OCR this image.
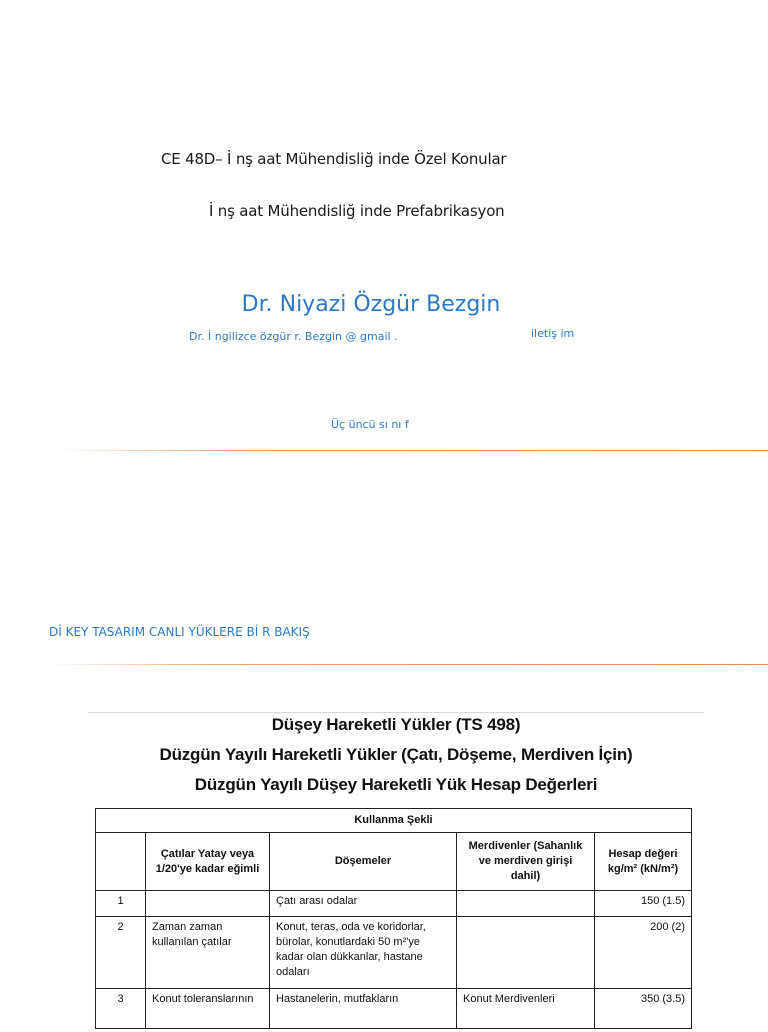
CE 48D– İ nş aat Mühendisliğ inde Özel Konular
İ nş aat Mühendisliğ inde Prefabrikasyon
Dr. Niyazi Özgür Bezgin
Dr. İ ngilizce özgür r. Bezgin @ gmail .	iletiş im
Üç üncü sı nı f
Dİ KEY TASARIM CANLI YÜKLERE Bİ R BAKIŞ
Düşey Hareketli Yükler (TS 498)
Düzgün Yayılı Hareketli Yükler (Çatı, Döşeme, Merdiven İçin)
Düzgün Yayılı Düşey Hareketli Yük Hesap Değerleri
Kullanma Şekli				
	Çatılar Yatay veya 1/20'ye kadar eğimli	Döşemeler	Merdivenler (Sahanlık ve merdiven girişi dahil)	Hesap değeri kg/m² (kN/m²)
1		Çatı arası odalar		150 (1.5)
2	Zaman zaman kullanılan çatılar	Konut, teras, oda ve koridorlar, bürolar, konutlardaki 50 m²'ye kadar olan dükkanlar, hastane odaları		200 (2)
3	Konut toleranslarının	Hastanelerin, mutfakların	Konut Merdivenleri	350 (3.5)
